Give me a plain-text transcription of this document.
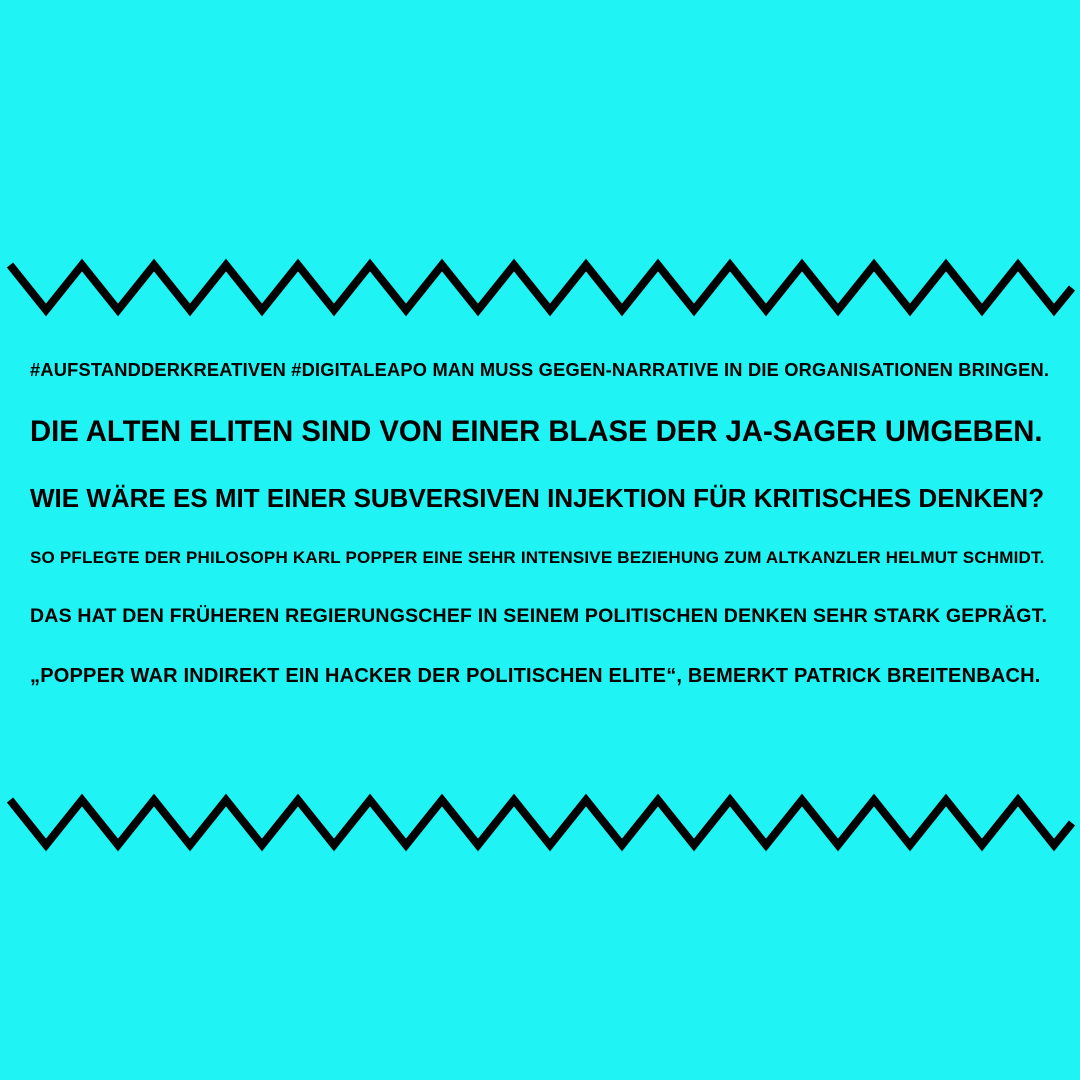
#AUFSTANDDERKREATIVEN #DIGITALEAPO MAN MUSS GEGEN-NARRATIVE IN DIE ORGANISATIONEN BRINGEN.
DIE ALTEN ELITEN SIND VON EINER BLASE DER JA-SAGER UMGEBEN.
WIE WÄRE ES MIT EINER SUBVERSIVEN INJEKTION FÜR KRITISCHES DENKEN?
SO PFLEGTE DER PHILOSOPH KARL POPPER EINE SEHR INTENSIVE BEZIEHUNG ZUM ALTKANZLER HELMUT SCHMIDT.
DAS HAT DEN FRÜHEREN REGIERUNGSCHEF IN SEINEM POLITISCHEN DENKEN SEHR STARK GEPRÄGT.
„POPPER WAR INDIREKT EIN HACKER DER POLITISCHEN ELITE“, BEMERKT PATRICK BREITENBACH.
